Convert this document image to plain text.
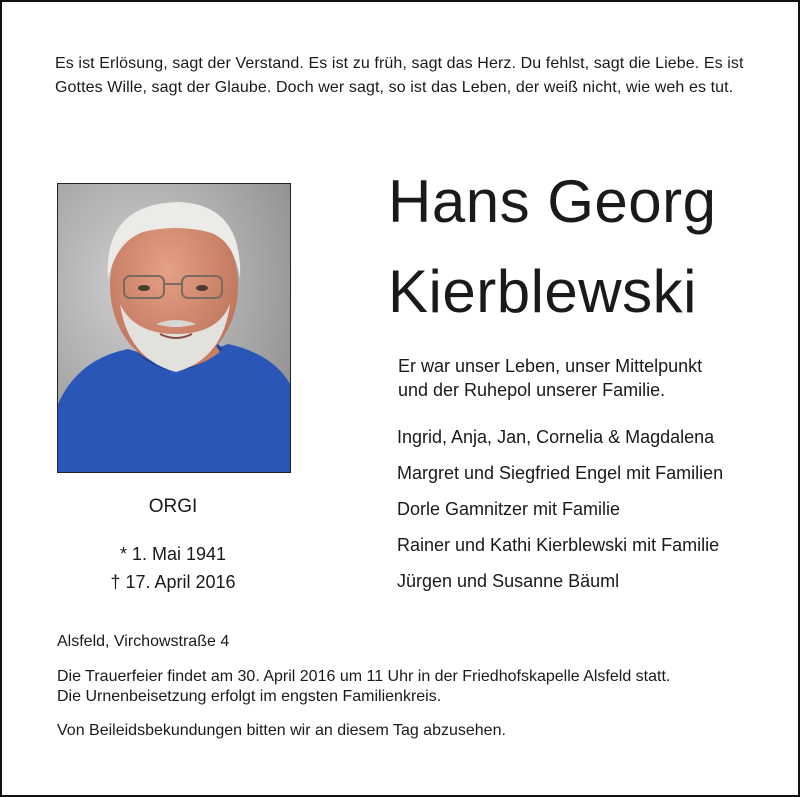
Es ist Erlösung, sagt der Verstand. Es ist zu früh, sagt das Herz. Du fehlst, sagt die Liebe. Es ist
Gottes Wille, sagt der Glaube. Doch wer sagt, so ist das Leben, der weiß nicht, wie weh es tut.
Hans Georg
Kierblewski
Er war unser Leben, unser Mittelpunkt
und der Ruhepol unserer Familie.
Ingrid, Anja, Jan, Cornelia & Magdalena
Margret und Siegfried Engel mit Familien
Dorle Gamnitzer mit Familie
Rainer und Kathi Kierblewski mit Familie
Jürgen und Susanne Bäuml
ORGI
* 1. Mai 1941
† 17. April 2016
Alsfeld, Virchowstraße 4
Die Trauerfeier findet am 30. April 2016 um 11 Uhr in der Friedhofskapelle Alsfeld statt.
Die Urnenbeisetzung erfolgt im engsten Familienkreis.
Von Beileidsbekundungen bitten wir an diesem Tag abzusehen.
